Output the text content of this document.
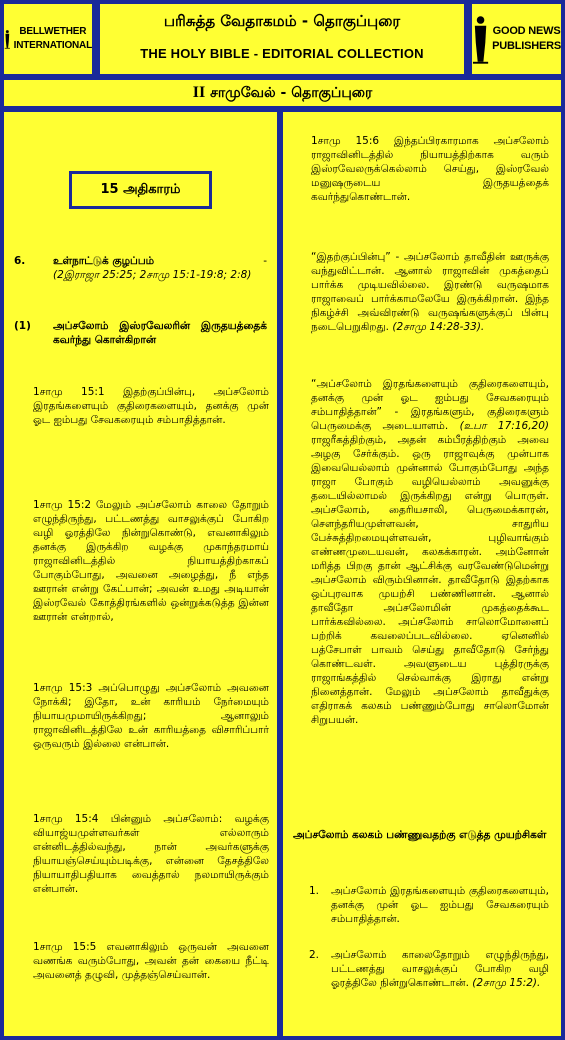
BELLWETHER
INTERNATIONAL
பரிசுத்த வேதாகமம் - தொகுப்புரை
THE HOLY BIBLE - EDITORIAL COLLECTION
GOOD NEWS
PUBLISHERS
II சாமுவேல் - தொகுப்புரை
15 அதிகாரம்
6.	உள்நாட்டுக் குழப்பம்	-
(2இராஜா 25:25; 2சாமு 15:1-19:8; 2:8)
(1) அப்சலோம் இஸ்ரவேலரின் இருதயத்தைக் கவர்ந்து கொள்கிறான்
1சாமு 15:1 இதற்குப்பின்பு, அப்சலோம் இரதங்களையும் குதிரைகளையும், தனக்கு முன் ஓட ஐம்பது சேவகரையும் சம்பாதித்தான்.
1சாமு 15:2 மேலும் அப்சலோம் காலை தோறும் எழுந்திருந்து, பட்டணத்து வாசலுக்குப் போகிற வழி ஓரத்திலே நின்றுகொண்டு, எவனாகிலும் தனக்கு இருக்கிற வழக்கு முகாந்தரமாய் ராஜாவினிடத்தில் நியாயத்திற்காகப் போகும்போது, அவனை அழைத்து, நீ எந்த ஊரான் என்று கேட்பான்; அவன் உமது அடியான் இஸ்ரவேல் கோத்திரங்களில் ஒன்றுக்கடுத்த இன்ன ஊரான் என்றால்,
1சாமு 15:3 அப்பொழுது அப்சலோம் அவனை நோக்கி; இதோ, உன் காரியம் நேர்மையும் நியாயமுமாயிருக்கிறது; ஆனாலும் ராஜாவினிடத்திலே உன் காரியத்தை விசாரிப்பார் ஒருவரும் இல்லை என்பான்.
1சாமு 15:4 பின்னும் அப்சலோம்: வழக்கு வியாஜ்யமுள்ளவர்கள் எல்லாரும் என்னிடத்தில்வந்து, நான் அவர்களுக்கு நியாயஞ்செய்யும்படிக்கு, என்னை தேசத்திலே நியாயாதிபதியாக வைத்தால் நலமாயிருக்கும் என்பான்.
1சாமு 15:5 எவனாகிலும் ஒருவன் அவனை வணங்க வரும்போது, அவன் தன் கையை நீட்டி அவனைத் தழுவி, முத்தஞ்செய்வான்.
1சாமு 15:6 இந்தப்பிரகாரமாக அப்சலோம் ராஜாவினிடத்தில் நியாயத்திற்காக வரும் இஸ்ரவேலருக்கெல்லாம் செய்து, இஸ்ரவேல் மனுஷருடைய இருதயத்தைக் கவர்ந்துகொண்டான்.
“இதற்குப்பின்பு” - அப்சலோம் தாவீதின் ஊருக்கு வந்துவிட்டான். ஆனால் ராஜாவின் முகத்தைப் பார்க்க முடியவில்லை. இரண்டு வருஷமாக ராஜாவைப் பார்க்காமலேயே இருக்கிறான். இந்த நிகழ்ச்சி அவ்விரண்டு வருஷங்களுக்குப் பின்பு நடைபெறுகிறது. (2சாமு 14:28-33).
“அப்சலோம் இரதங்களையும் குதிரைகளையும், தனக்கு முன் ஓட ஐம்பது சேவகரையும் சம்பாதித்தான்” - இரதங்களும், குதிரைகளும் பெருமைக்கு அடையாளம். (உபா 17:16,20) ராஜரீகத்திற்கும், அதன் கம்பீரத்திற்கும் அவை அழகு சேர்க்கும். ஒரு ராஜாவுக்கு முன்பாக இவையெல்லாம் முன்னால் போகும்போது அந்த ராஜா போகும் வழியெல்லாம் அவனுக்கு தடையில்லாமல் இருக்கிறது என்று பொருள். அப்சலோம், தைரியசாலி, பெருமைக்காரன், சௌந்தரியமுள்ளவன், சாதுரிய பேச்சுத்திறமையுள்ளவன், புழிவாங்கும் எண்ணமுடையவன், கலகக்காரன். அம்னோன் மரித்த பிறகு தான் ஆட்சிக்கு வரவேண்டுமென்று அப்சலோம் விரும்பினான். தாவீதோடு இதற்காக ஒப்புரவாக முயற்சி பண்ணினான். ஆனால் தாவீதோ அப்சலோமின் முகத்தைக்கூட பார்க்கவில்லை. அப்சலோம் சாலொமோனைப் பற்றிக் கவலைப்படவில்லை. ஏனெனில் பத்சேபாள் பாவம் செய்து தாவீதோடு சேர்ந்து கொண்டவள். அவளுடைய புத்திரருக்கு ராஜாங்கத்தில் செல்வாக்கு இராது என்று நினைத்தான். மேலும் அப்சலோம் தாவீதுக்கு எதிராகக் கலகம் பண்ணும்போது சாலொமோன் சிறுபயன்.
அப்சலோம் கலகம் பண்ணுவதற்கு எடுத்த முயற்சிகள்
1. அப்சலோம் இரதங்களையும் குதிரைகளையும், தனக்கு முன் ஓட ஐம்பது சேவகரையும் சம்பாதித்தான்.
2. அப்சலோம் காலைதோறும் எழுந்திருந்து, பட்டணத்து வாசலுக்குப் போகிற வழி ஓரத்திலே நின்றுகொண்டான். (2சாமு 15:2).
